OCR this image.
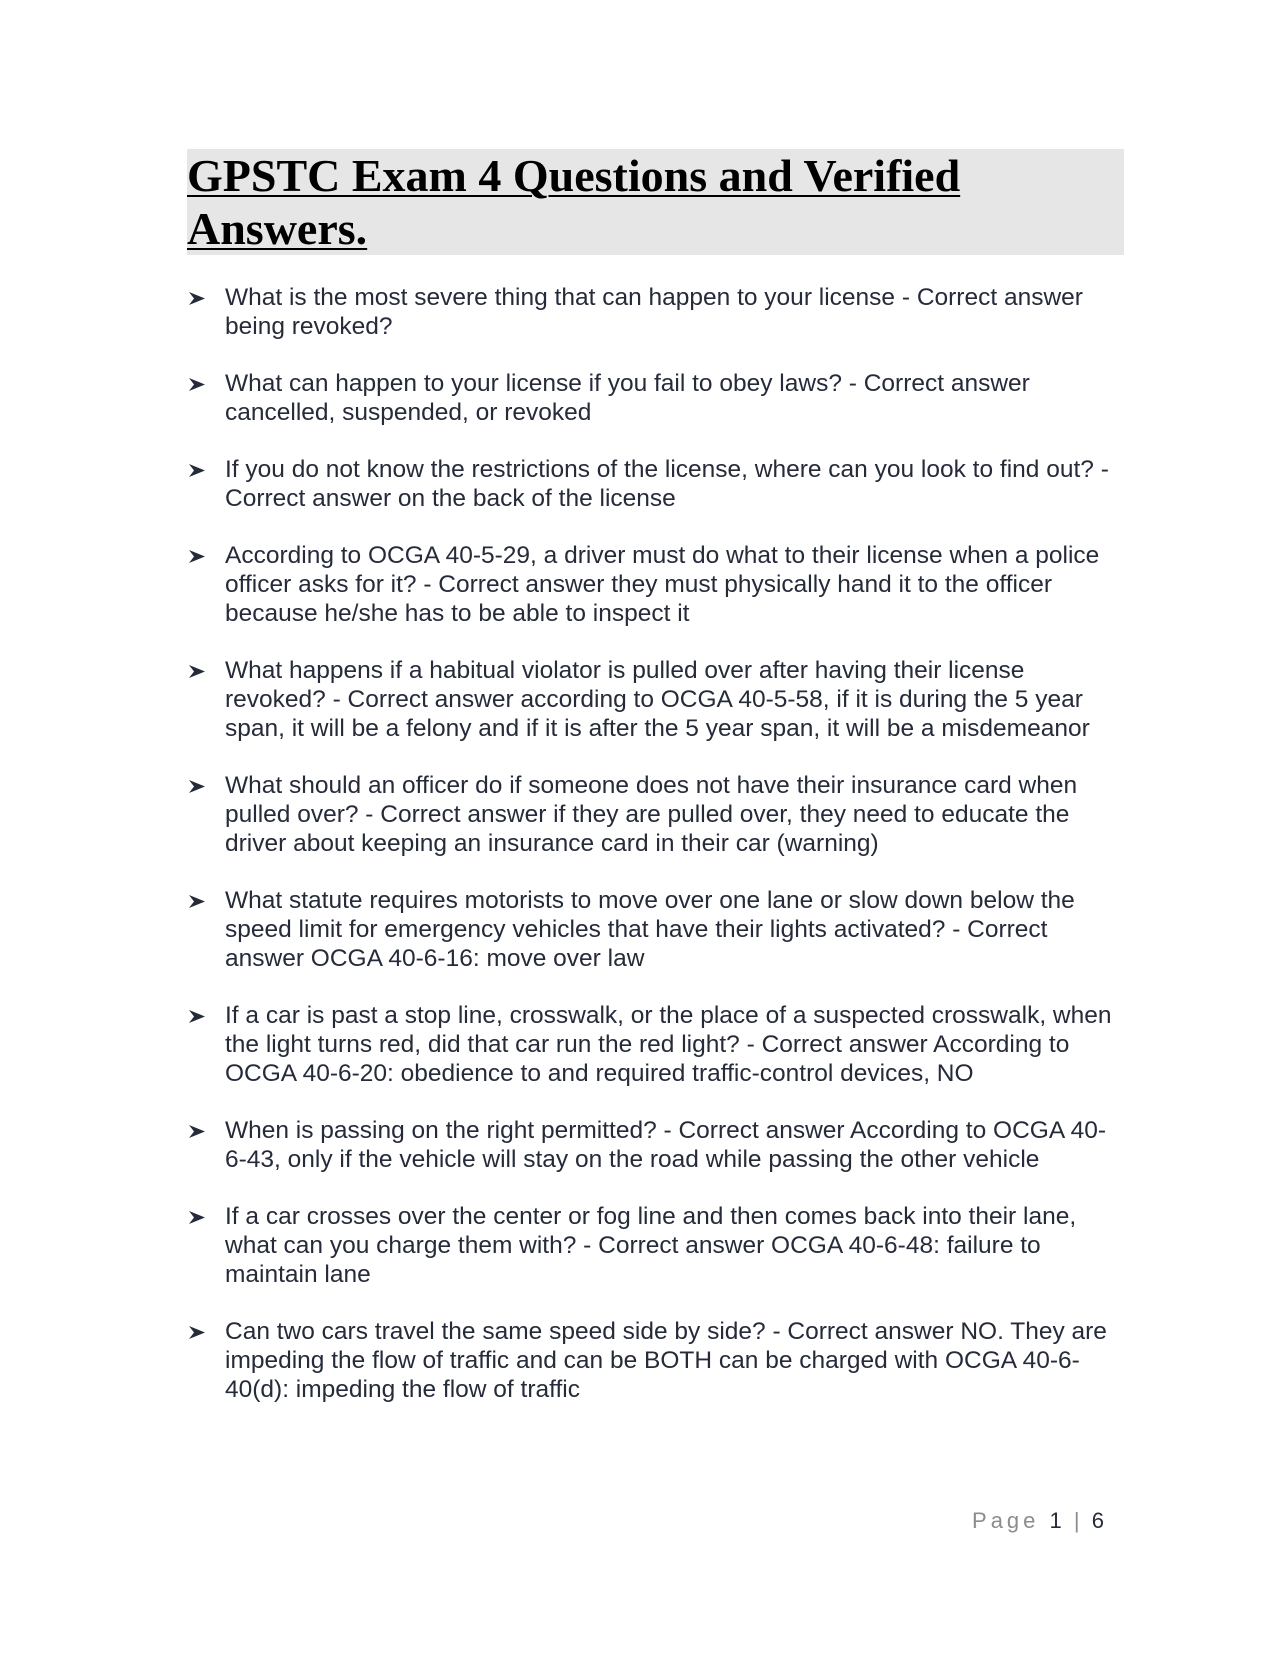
GPSTC Exam 4 Questions and Verified
Answers.
What is the most severe thing that can happen to your license - Correct answer being revoked?
What can happen to your license if you fail to obey laws? - Correct answer cancelled, suspended, or revoked
If you do not know the restrictions of the license, where can you look to find out? - Correct answer on the back of the license
According to OCGA 40-5-29, a driver must do what to their license when a police officer asks for it? - Correct answer they must physically hand it to the officer because he/she has to be able to inspect it
What happens if a habitual violator is pulled over after having their license revoked? - Correct answer according to OCGA 40-5-58, if it is during the 5 year span, it will be a felony and if it is after the 5 year span, it will be a misdemeanor
What should an officer do if someone does not have their insurance card when pulled over? - Correct answer if they are pulled over, they need to educate the driver about keeping an insurance card in their car (warning)
What statute requires motorists to move over one lane or slow down below the speed limit for emergency vehicles that have their lights activated? - Correct answer OCGA 40-6-16: move over law
If a car is past a stop line, crosswalk, or the place of a suspected crosswalk, when the light turns red, did that car run the red light? - Correct answer According to OCGA 40-6-20: obedience to and required traffic-control devices, NO
When is passing on the right permitted? - Correct answer According to OCGA 40-6-43, only if the vehicle will stay on the road while passing the other vehicle
If a car crosses over the center or fog line and then comes back into their lane, what can you charge them with? - Correct answer OCGA 40-6-48: failure to maintain lane
Can two cars travel the same speed side by side? - Correct answer NO. They are impeding the flow of traffic and can be BOTH can be charged with OCGA 40-6-40(d): impeding the flow of traffic
Page 1 | 6
